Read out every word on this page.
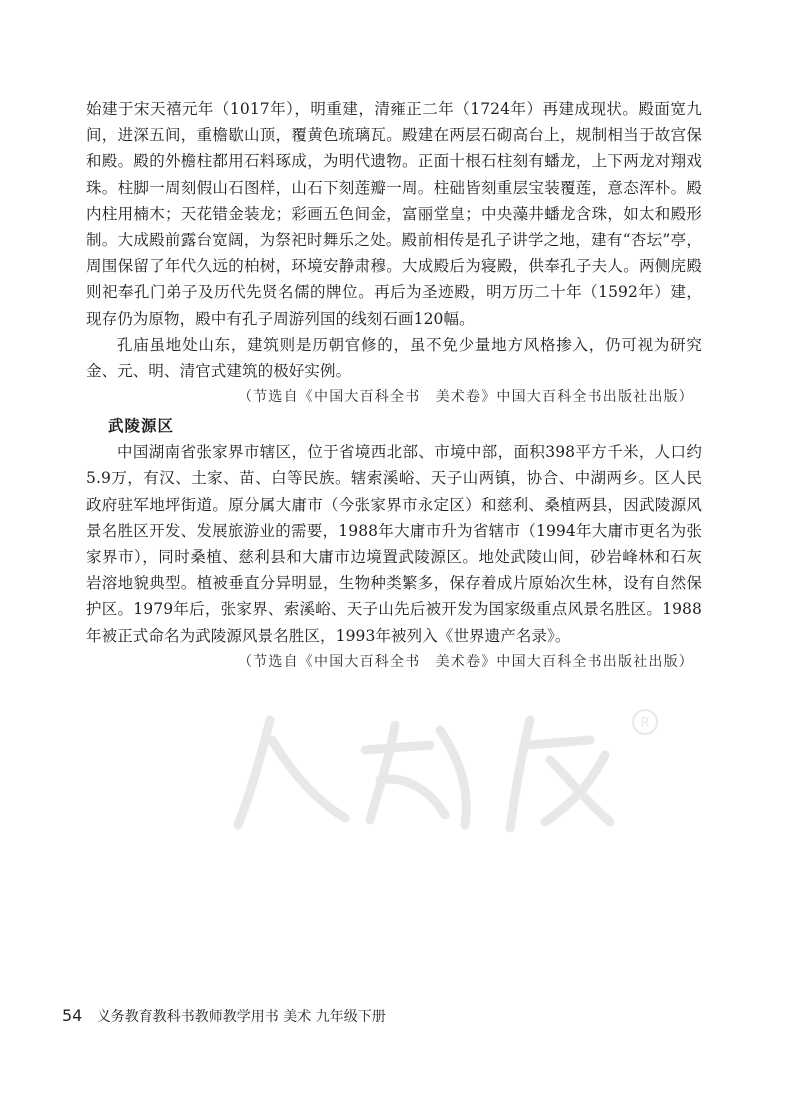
始建于宋天禧元年（1017年），明重建，清雍正二年（1724年）再建成现状。殿面宽九间，进深五间，重檐歇山顶，覆黄色琉璃瓦。殿建在两层石砌高台上，规制相当于故宫保和殿。殿的外檐柱都用石料琢成，为明代遗物。正面十根石柱刻有蟠龙，上下两龙对翔戏珠。柱脚一周刻假山石图样，山石下刻莲瓣一周。柱础皆刻重层宝装覆莲，意态浑朴。殿内柱用楠木；天花错金装龙；彩画五色间金，富丽堂皇；中央藻井蟠龙含珠，如太和殿形制。大成殿前露台宽阔，为祭祀时舞乐之处。殿前相传是孔子讲学之地，建有“杏坛”亭，周围保留了年代久远的柏树，环境安静肃穆。大成殿后为寝殿，供奉孔子夫人。两侧庑殿则祀奉孔门弟子及历代先贤名儒的牌位。再后为圣迹殿，明万历二十年（1592年）建，现存仍为原物，殿中有孔子周游列国的线刻石画120幅。

孔庙虽地处山东，建筑则是历朝官修的，虽不免少量地方风格掺入，仍可视为研究金、元、明、清官式建筑的极好实例。

（节选自《中国大百科全书　美术卷》中国大百科全书出版社出版）

武陵源区

中国湖南省张家界市辖区，位于省境西北部、市境中部，面积398平方千米，人口约5.9万，有汉、土家、苗、白等民族。辖索溪峪、天子山两镇，协合、中湖两乡。区人民政府驻军地坪街道。原分属大庸市（今张家界市永定区）和慈利、桑植两县，因武陵源风景名胜区开发、发展旅游业的需要，1988年大庸市升为省辖市（1994年大庸市更名为张家界市），同时桑植、慈利县和大庸市边境置武陵源区。地处武陵山间，砂岩峰林和石灰岩溶地貌典型。植被垂直分异明显，生物种类繁多，保存着成片原始次生林，设有自然保护区。1979年后，张家界、索溪峪、天子山先后被开发为国家级重点风景名胜区。1988年被正式命名为武陵源风景名胜区，1993年被列入《世界遗产名录》。

（节选自《中国大百科全书　美术卷》中国大百科全书出版社出版）

R
54 义务教育教科书教师教学用书 美术 九年级下册
